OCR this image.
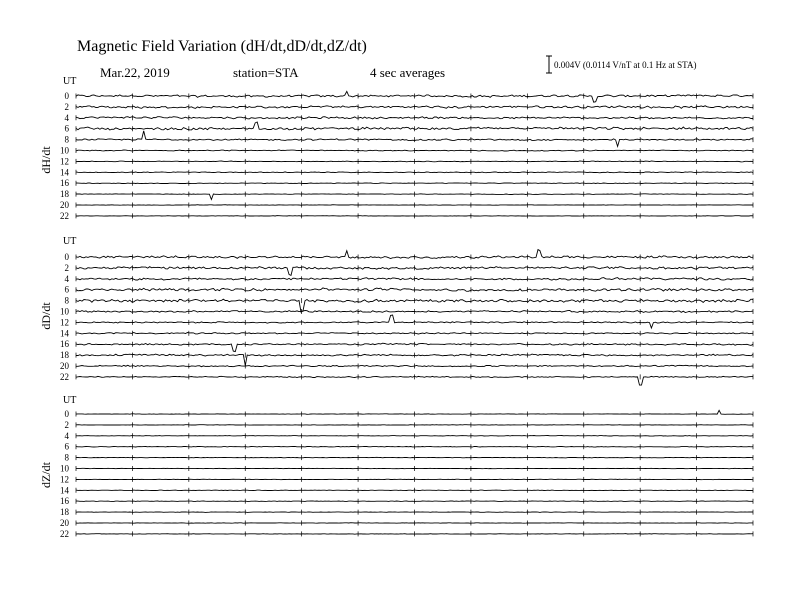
Magnetic Field Variation (dH/dt,dD/dt,dZ/dt)
Mar.22, 2019	station=STA	4 sec averages	0.004V (0.0114 V/nT at 0.1 Hz at STA)
UT
dH/dt
0
2
4
6
8
10
12
14
16
18
20
22
UT
dD/dt
0
2
4
6
8
10
12
14
16
18
20
22
UT
dZ/dt
0
2
4
6
8
10
12
14
16
18
20
22
